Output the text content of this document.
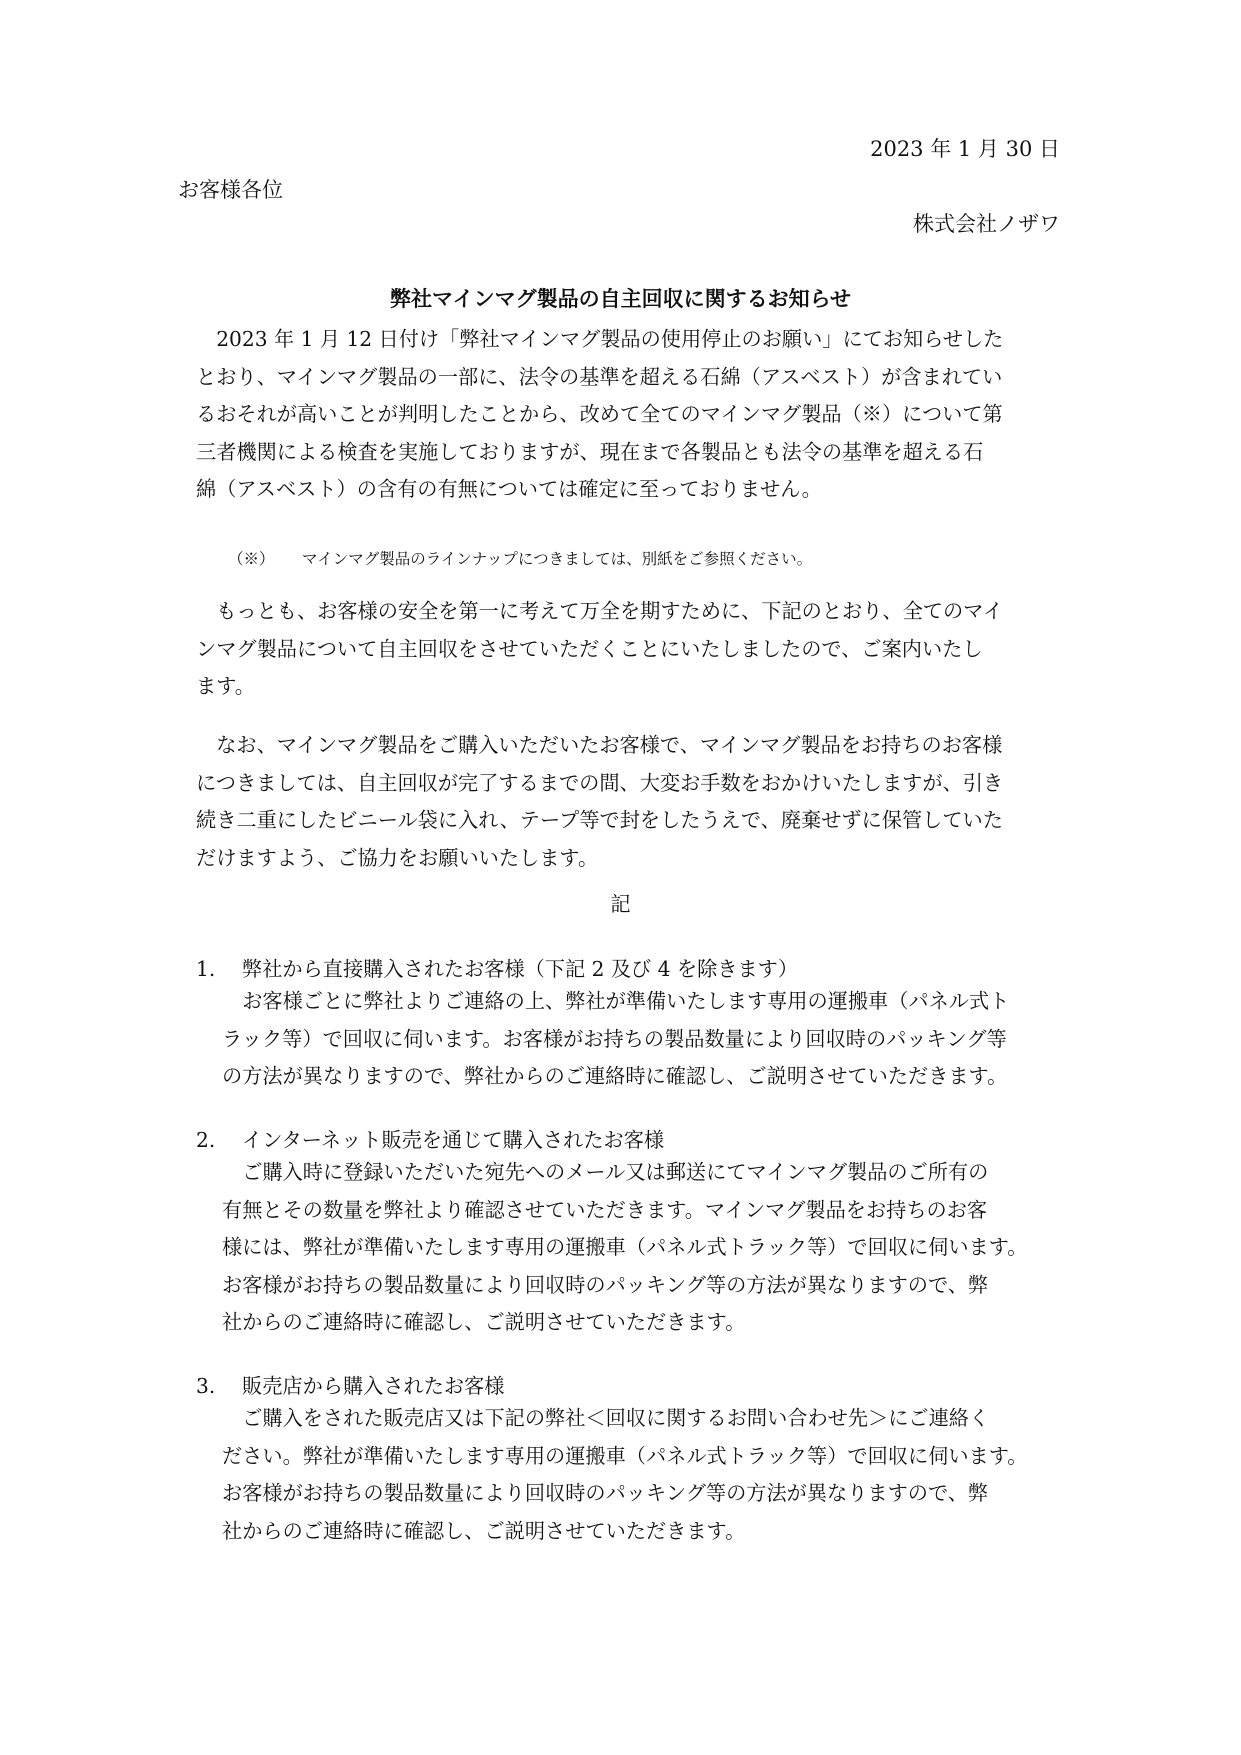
2023 年 1 月 30 日

お客様各位

株式会社ノザワ

弊社マインマグ製品の自主回収に関するお知らせ

　2023 年 1 月 12 日付け「弊社マインマグ製品の使用停止のお願い」にてお知らせした
とおり、マインマグ製品の一部に、法令の基準を超える石綿（アスベスト）が含まれてい
るおそれが高いことが判明したことから、改めて全てのマインマグ製品（※）について第
三者機関による検査を実施しておりますが、現在まで各製品とも法令の基準を超える石
綿（アスベスト）の含有の有無については確定に至っておりません。

（※） マインマグ製品のラインナップにつきましては、別紙をご参照ください。

　もっとも、お客様の安全を第一に考えて万全を期すために、下記のとおり、全てのマイ
ンマグ製品について自主回収をさせていただくことにいたしましたので、ご案内いたし
ます。

　なお、マインマグ製品をご購入いただいたお客様で、マインマグ製品をお持ちのお客様
につきましては、自主回収が完了するまでの間、大変お手数をおかけいたしますが、引き
続き二重にしたビニール袋に入れ、テープ等で封をしたうえで、廃棄せずに保管していた
だけますよう、ご協力をお願いいたします。

記

1. 弊社から直接購入されたお客様（下記 2 及び 4 を除きます）

　お客様ごとに弊社よりご連絡の上、弊社が準備いたします専用の運搬車（パネル式ト
ラック等）で回収に伺います。お客様がお持ちの製品数量により回収時のパッキング等
の方法が異なりますので、弊社からのご連絡時に確認し、ご説明させていただきます。

2. インターネット販売を通じて購入されたお客様

　ご購入時に登録いただいた宛先へのメール又は郵送にてマインマグ製品のご所有の
有無とその数量を弊社より確認させていただきます。マインマグ製品をお持ちのお客
様には、弊社が準備いたします専用の運搬車（パネル式トラック等）で回収に伺います。
お客様がお持ちの製品数量により回収時のパッキング等の方法が異なりますので、弊
社からのご連絡時に確認し、ご説明させていただきます。

3. 販売店から購入されたお客様

　ご購入をされた販売店又は下記の弊社＜回収に関するお問い合わせ先＞にご連絡く
ださい。弊社が準備いたします専用の運搬車（パネル式トラック等）で回収に伺います。
お客様がお持ちの製品数量により回収時のパッキング等の方法が異なりますので、弊
社からのご連絡時に確認し、ご説明させていただきます。
